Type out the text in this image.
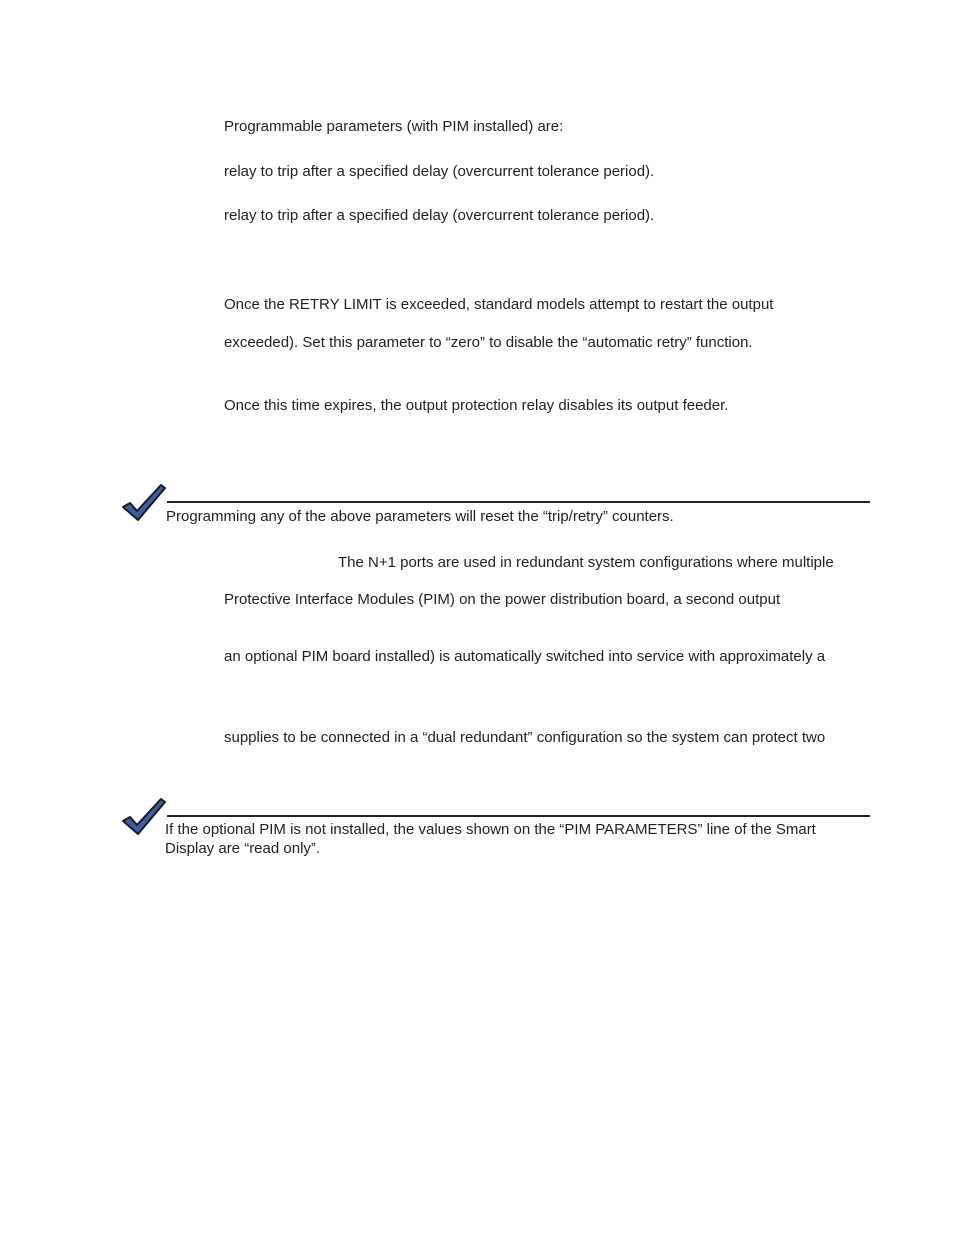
Programmable parameters (with PIM installed) are:
relay to trip after a specified delay (overcurrent tolerance period).
relay to trip after a specified delay (overcurrent tolerance period).
Once the RETRY LIMIT is exceeded, standard models attempt to restart the output
exceeded). Set this parameter to “zero” to disable the “automatic retry” function.
Once this time expires, the output protection relay disables its output feeder.
Programming any of the above parameters will reset the “trip/retry” counters.
The N+1 ports are used in redundant system configurations where multiple
Protective Interface Modules (PIM) on the power distribution board, a second output
an optional PIM board installed) is automatically switched into service with approximately a
supplies to be connected in a “dual redundant” configuration so the system can protect two
If the optional PIM is not installed, the values shown on the “PIM PARAMETERS” line of the Smart
Display are “read only”.
